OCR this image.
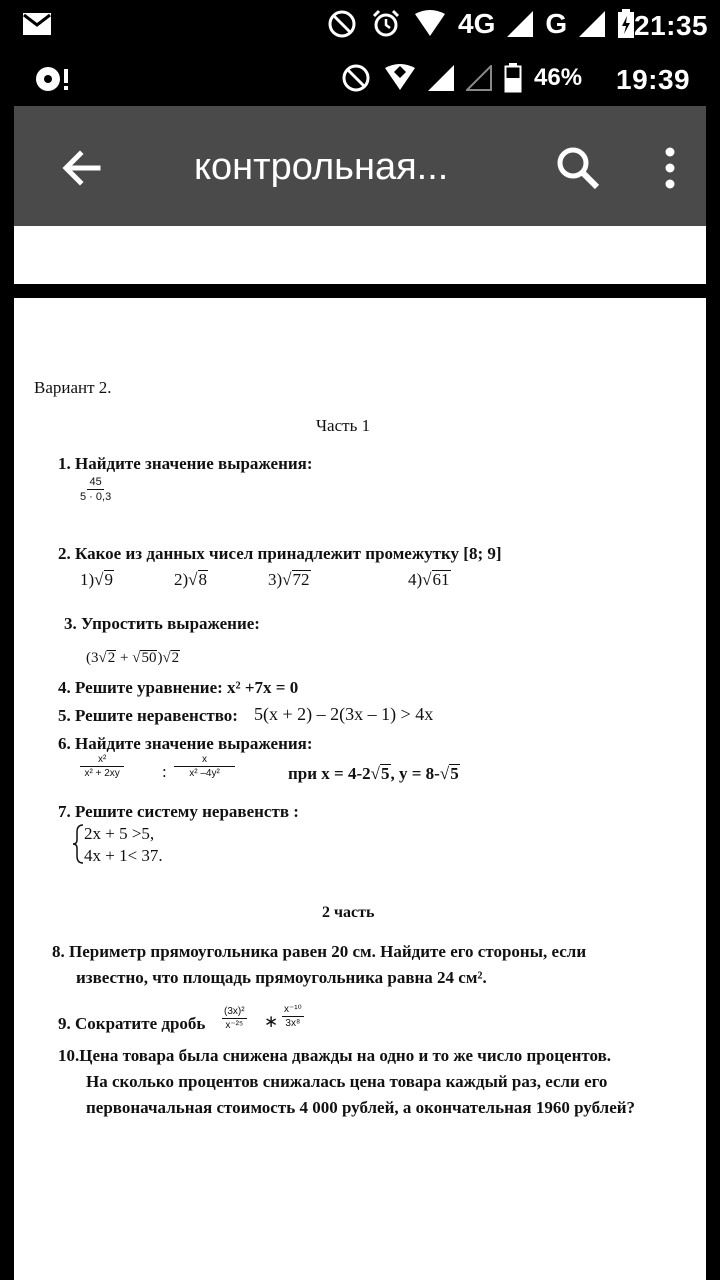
4G G 21:35
46% 19:39
контрольная...
Вариант 2.
Часть 1
1. Найдите значение выражения:
$\frac{45}{5 \cdot 0,3}$
2. Какое из данных чисел принадлежит промежутку [8; 9]
1)√9	2)√8	3)√72	4)√61
3. Упростить выражение:
(3√2 + √50)√2
4. Решите уравнение: x² +7x = 0
5. Решите неравенство: 5(x + 2) – 2(3x – 1) > 4x
6. Найдите значение выражения:
$\frac{\text{x²}}{\text{x² + 2xy}}$ : $\frac{x}{\text{x² –4y²}}$	при x = 4-2√5, y = 8-√5
7. Решите систему неравенств :
2x + 5 >5,
4x + 1< 37.
2 часть
8. Периметр прямоугольника равен 20 см. Найдите его стороны, если
известно, что площадь прямоугольника равна 24 см².
9. Сократите дробь $\frac{\text{(3x)²}}{\text{x⁻²⁵}}$ ∗ $\frac{\text{x⁻¹⁰}}{\text{3x⁸}}$
10.Цена товара была снижена дважды на одно и то же число процентов.
На сколько процентов снижалась цена товара каждый раз, если его
первоначальная стоимость 4 000 рублей, а окончательная 1960 рублей?
